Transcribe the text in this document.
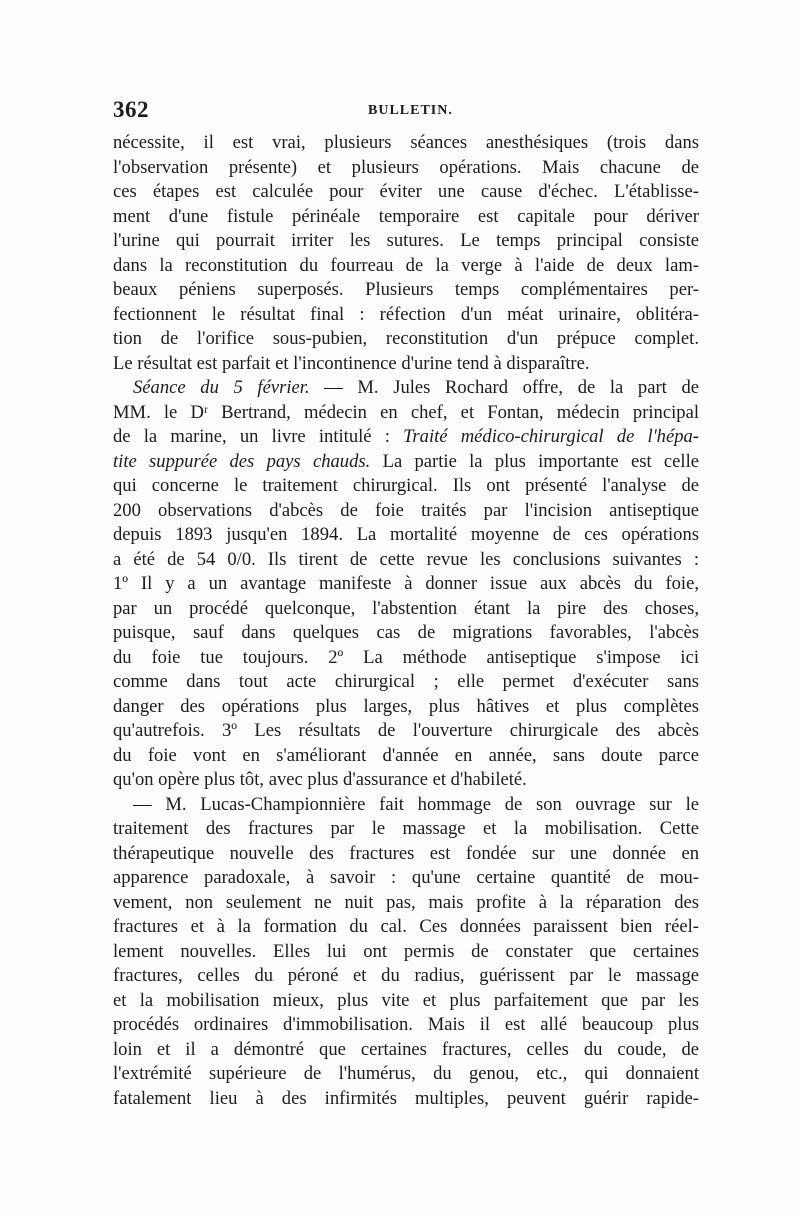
362	BULLETIN.
nécessite, il est vrai, plusieurs séances anesthésiques (trois dans
l'observation présente) et plusieurs opérations. Mais chacune de
ces étapes est calculée pour éviter une cause d'échec. L'établisse-
ment d'une fistule périnéale temporaire est capitale pour dériver
l'urine qui pourrait irriter les sutures. Le temps principal consiste
dans la reconstitution du fourreau de la verge à l'aide de deux lam-
beaux péniens superposés. Plusieurs temps complémentaires per-
fectionnent le résultat final : réfection d'un méat urinaire, oblitéra-
tion de l'orifice sous-pubien, reconstitution d'un prépuce complet.
Le résultat est parfait et l'incontinence d'urine tend à disparaître.
Séance du 5 février. — M. Jules Rochard offre, de la part de
MM. le Dʳ Bertrand, médecin en chef, et Fontan, médecin principal
de la marine, un livre intitulé : Traité médico-chirurgical de l'hépa-
tite suppurée des pays chauds. La partie la plus importante est celle
qui concerne le traitement chirurgical. Ils ont présenté l'analyse de
200 observations d'abcès de foie traités par l'incision antiseptique
depuis 1893 jusqu'en 1894. La mortalité moyenne de ces opérations
a été de 54 0/0. Ils tirent de cette revue les conclusions suivantes :
1º Il y a un avantage manifeste à donner issue aux abcès du foie,
par un procédé quelconque, l'abstention étant la pire des choses,
puisque, sauf dans quelques cas de migrations favorables, l'abcès
du foie tue toujours. 2º La méthode antiseptique s'impose ici
comme dans tout acte chirurgical ; elle permet d'exécuter sans
danger des opérations plus larges, plus hâtives et plus complètes
qu'autrefois. 3º Les résultats de l'ouverture chirurgicale des abcès
du foie vont en s'améliorant d'année en année, sans doute parce
qu'on opère plus tôt, avec plus d'assurance et d'habileté.
— M. Lucas-Championnière fait hommage de son ouvrage sur le
traitement des fractures par le massage et la mobilisation. Cette
thérapeutique nouvelle des fractures est fondée sur une donnée en
apparence paradoxale, à savoir : qu'une certaine quantité de mou-
vement, non seulement ne nuit pas, mais profite à la réparation des
fractures et à la formation du cal. Ces données paraissent bien réel-
lement nouvelles. Elles lui ont permis de constater que certaines
fractures, celles du péroné et du radius, guérissent par le massage
et la mobilisation mieux, plus vite et plus parfaitement que par les
procédés ordinaires d'immobilisation. Mais il est allé beaucoup plus
loin et il a démontré que certaines fractures, celles du coude, de
l'extrémité supérieure de l'humérus, du genou, etc., qui donnaient
fatalement lieu à des infirmités multiples, peuvent guérir rapide-
